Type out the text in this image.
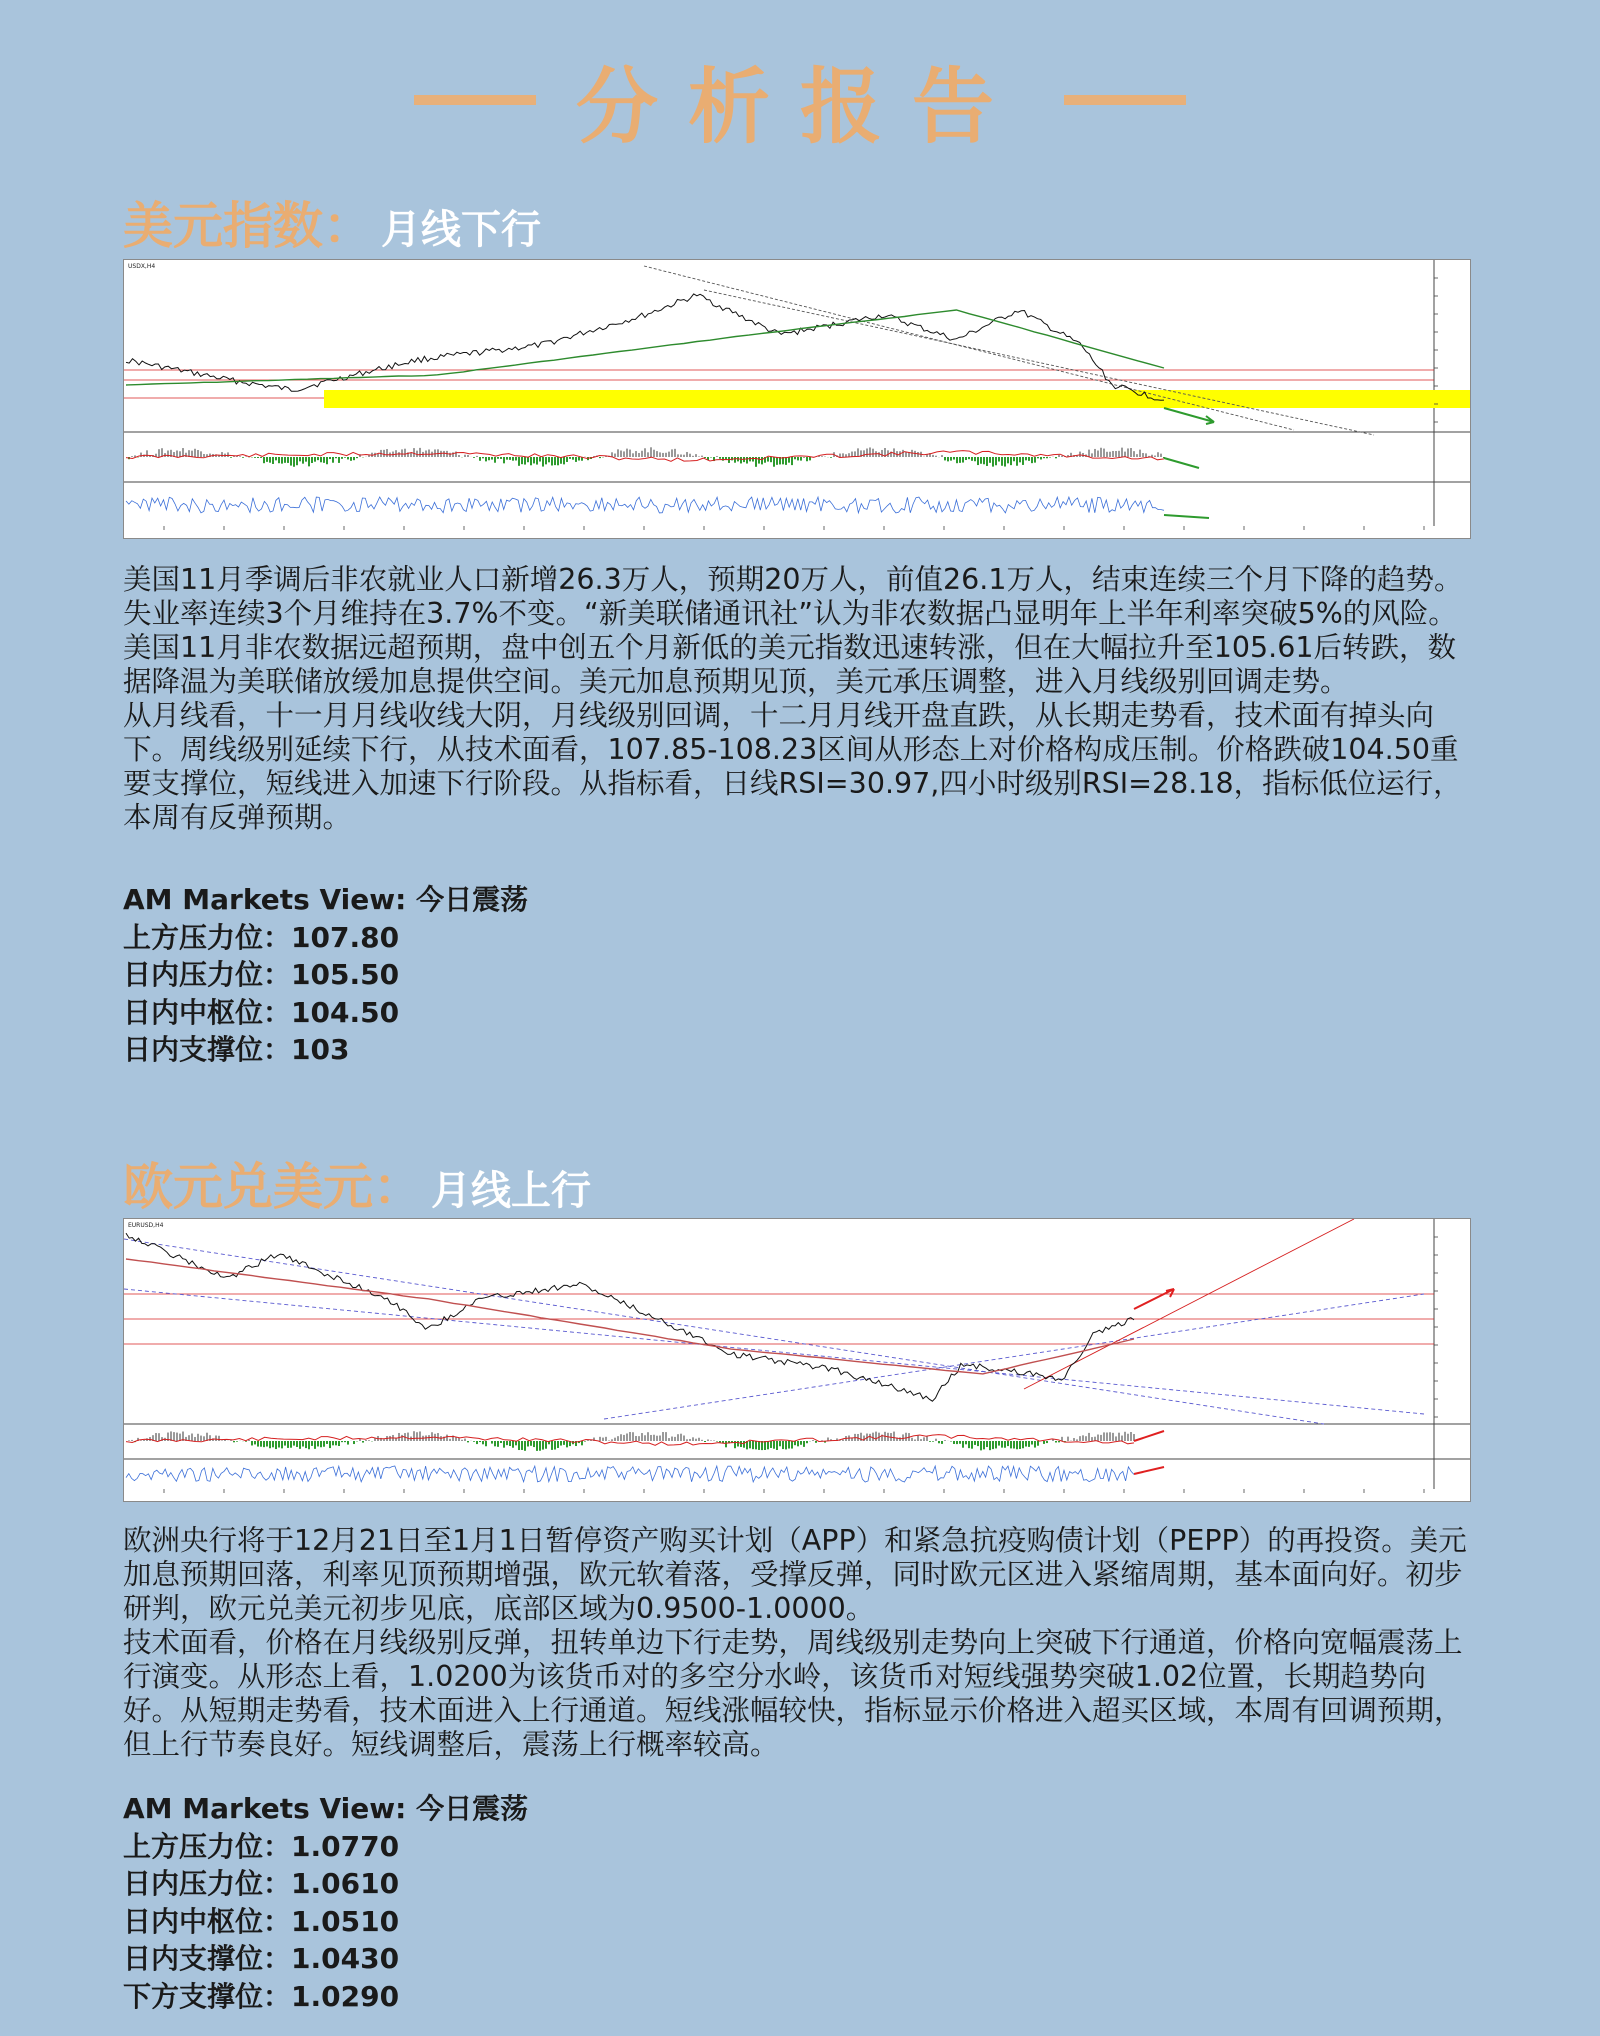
分析报告
美元指数： 月线下行
USDX,H4

美国11月季调后非农就业人口新增26.3万人，预期20万人，前值26.1万人，结束连续三个月下降的趋势。失业率连续3个月维持在3.7%不变。“新美联储通讯社”认为非农数据凸显明年上半年利率突破5%的风险。美国11月非农数据远超预期，盘中创五个月新低的美元指数迅速转涨，但在大幅拉升至105.61后转跌，数据降温为美联储放缓加息提供空间。美元加息预期见顶，美元承压调整，进入月线级别回调走势。

从月线看，十一月月线收线大阴，月线级别回调，十二月月线开盘直跌，从长期走势看，技术面有掉头向下。周线级别延续下行，从技术面看，107.85-108.23区间从形态上对价格构成压制。价格跌破104.50重要支撑位，短线进入加速下行阶段。从指标看，日线RSI=30.97,四小时级别RSI=28.18，指标低位运行，本周有反弹预期。

AM Markets View: 今日震荡
上方压力位：107.80
日内压力位：105.50
日内中枢位：104.50
日内支撑位：103
欧元兑美元： 月线上行
EURUSD,H4

欧洲央行将于12月21日至1月1日暂停资产购买计划（APP）和紧急抗疫购债计划（PEPP）的再投资。美元加息预期回落，利率见顶预期增强，欧元软着落，受撑反弹，同时欧元区进入紧缩周期，基本面向好。初步研判，欧元兑美元初步见底，底部区域为0.9500-1.0000。

技术面看，价格在月线级别反弹，扭转单边下行走势，周线级别走势向上突破下行通道，价格向宽幅震荡上行演变。从形态上看，1.0200为该货币对的多空分水岭，该货币对短线强势突破1.02位置，长期趋势向好。从短期走势看，技术面进入上行通道。短线涨幅较快，指标显示价格进入超买区域，本周有回调预期，但上行节奏良好。短线调整后，震荡上行概率较高。

AM Markets View: 今日震荡
上方压力位：1.0770
日内压力位：1.0610
日内中枢位：1.0510
日内支撑位：1.0430
下方支撑位：1.0290
